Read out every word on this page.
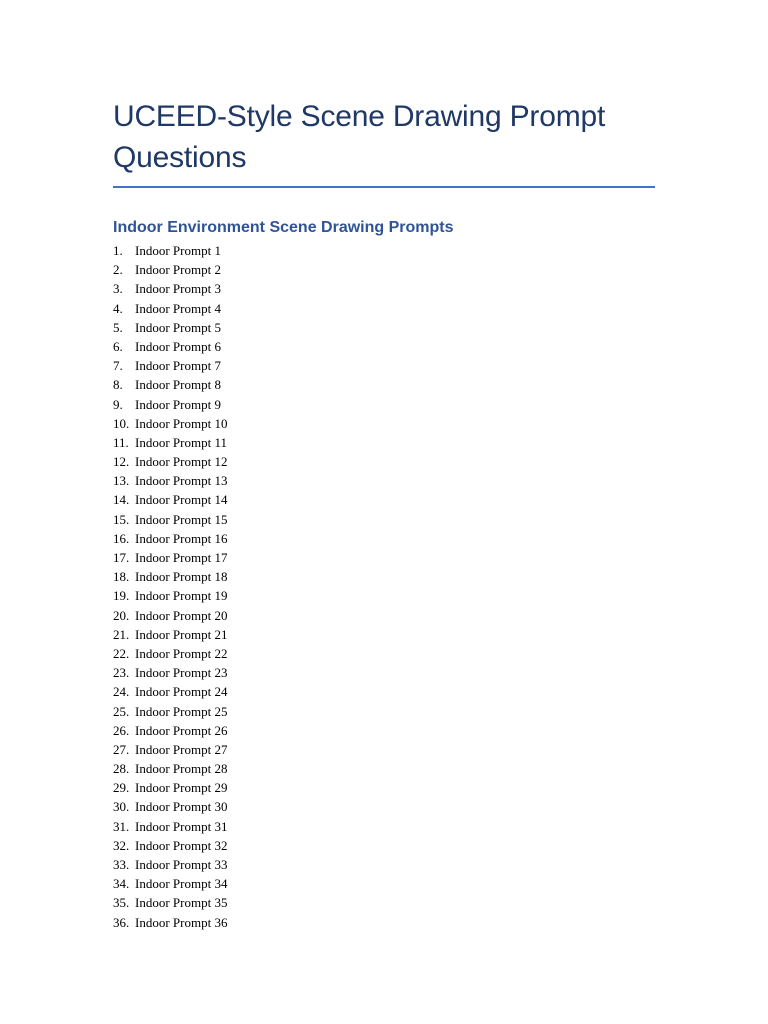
UCEED-Style Scene Drawing Prompt Questions
Indoor Environment Scene Drawing Prompts
1. Indoor Prompt 1
2. Indoor Prompt 2
3. Indoor Prompt 3
4. Indoor Prompt 4
5. Indoor Prompt 5
6. Indoor Prompt 6
7. Indoor Prompt 7
8. Indoor Prompt 8
9. Indoor Prompt 9
10. Indoor Prompt 10
11. Indoor Prompt 11
12. Indoor Prompt 12
13. Indoor Prompt 13
14. Indoor Prompt 14
15. Indoor Prompt 15
16. Indoor Prompt 16
17. Indoor Prompt 17
18. Indoor Prompt 18
19. Indoor Prompt 19
20. Indoor Prompt 20
21. Indoor Prompt 21
22. Indoor Prompt 22
23. Indoor Prompt 23
24. Indoor Prompt 24
25. Indoor Prompt 25
26. Indoor Prompt 26
27. Indoor Prompt 27
28. Indoor Prompt 28
29. Indoor Prompt 29
30. Indoor Prompt 30
31. Indoor Prompt 31
32. Indoor Prompt 32
33. Indoor Prompt 33
34. Indoor Prompt 34
35. Indoor Prompt 35
36. Indoor Prompt 36
